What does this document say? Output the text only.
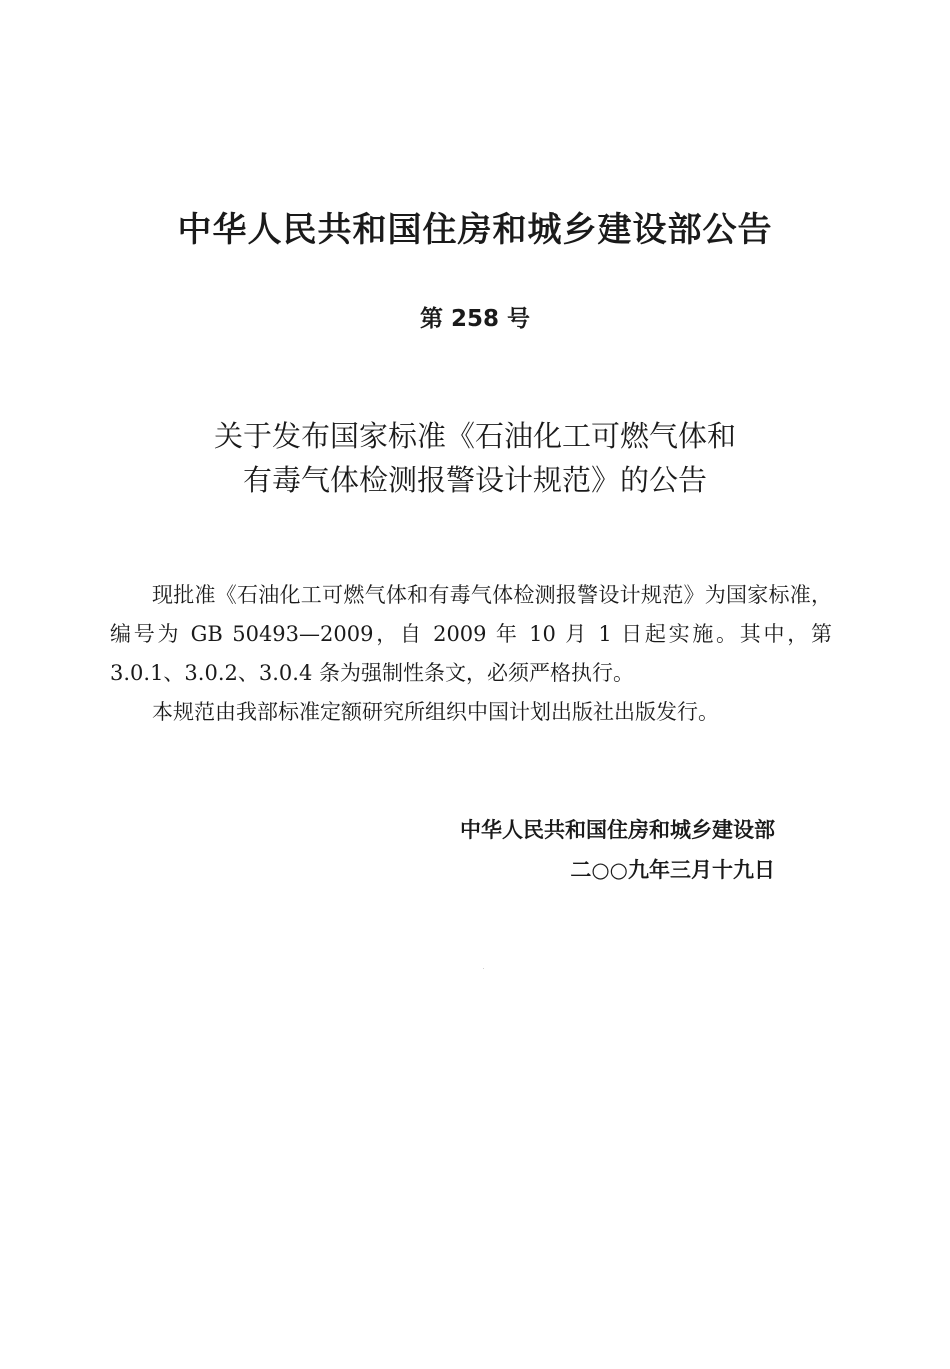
中华人民共和国住房和城乡建设部公告
第 258 号
关于发布国家标准《石油化工可燃气体和
有毒气体检测报警设计规范》的公告

现批准《石油化工可燃气体和有毒气体检测报警设计规范》为国家标准，编号为 GB 50493—2009，自 2009 年 10 月 1 日起实施。其中，第 3.0.1、3.0.2、3.0.4 条为强制性条文，必须严格执行。

本规范由我部标准定额研究所组织中国计划出版社出版发行。

中华人民共和国住房和城乡建设部
二○○九年三月十九日
